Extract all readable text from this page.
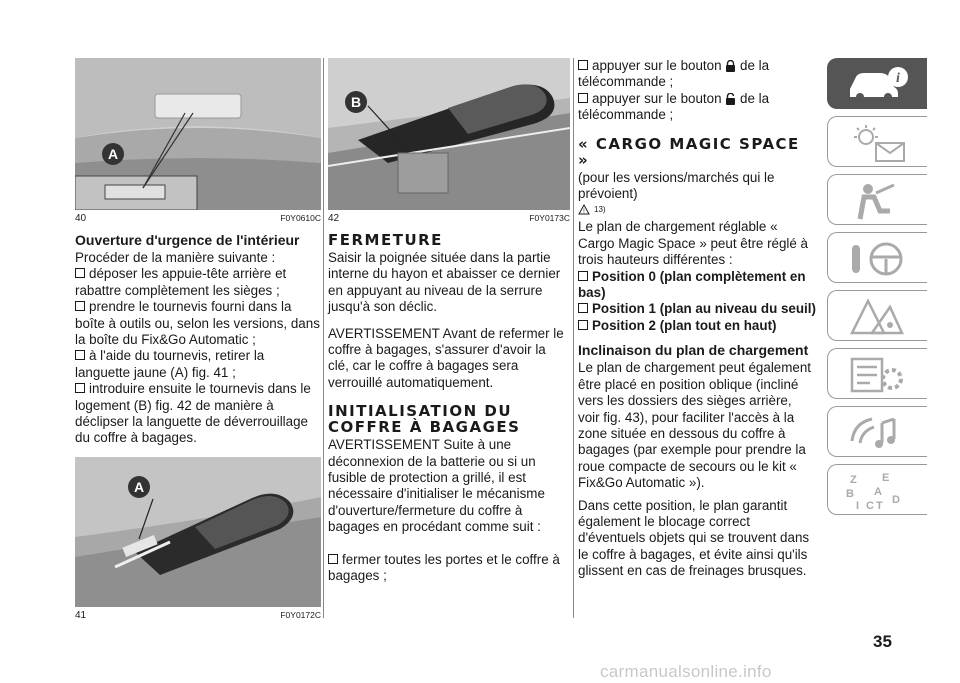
A
40	F0Y0610C
Ouverture d'urgence de l'intérieur

Procéder de la manière suivante :

déposer les appuie-tête arrière et rabattre complètement les sièges ;
prendre le tournevis fourni dans la boîte à outils ou, selon les versions, dans la boîte du Fix&Go Automatic ;
à l'aide du tournevis, retirer la languette jaune (A) fig. 41 ;
introduire ensuite le tournevis dans le logement (B) fig. 42 de manière à déclipser la languette de déverrouillage du coffre à bagages.
A
41	F0Y0172C
B
42	F0Y0173C
FERMETURE

Saisir la poignée située dans la partie interne du hayon et abaisser ce dernier en appuyant au niveau de la serrure jusqu'à son déclic.

AVERTISSEMENT Avant de refermer le coffre à bagages, s'assurer d'avoir la clé, car le coffre à bagages sera verrouillé automatiquement.

INITIALISATION DU COFFRE À BAGAGES

AVERTISSEMENT Suite à une déconnexion de la batterie ou si un fusible de protection a grillé, il est nécessaire d'initialiser le mécanisme d'ouverture/fermeture du coffre à bagages en procédant comme suit :

fermer toutes les portes et le coffre à bagages ;
appuyer sur le bouton de la télécommande ;
appuyer sur le bouton de la télécommande ;
« CARGO MAGIC SPACE »

(pour les versions/marchés qui le prévoient)

! 13)

Le plan de chargement réglable « Cargo Magic Space » peut être réglé à trois hauteurs différentes :

Position 0 (plan complètement en bas)
Position 1 (plan au niveau du seuil)
Position 2 (plan tout en haut)
Inclinaison du plan de chargement

Le plan de chargement peut également être placé en position oblique (incliné vers les dossiers des sièges arrière, voir fig. 43), pour faciliter l'accès à la zone située en dessous du coffre à bagages (par exemple pour prendre la roue compacte de secours ou le kit « Fix&Go Automatic »).

Dans cette position, le plan garantit également le blocage correct d'éventuels objets qui se trouvent dans le coffre à bagages, et évite ainsi qu'ils glissent en cas de freinages brusques.

i
Z E
B A
I C T D
35
carmanualsonline.info
